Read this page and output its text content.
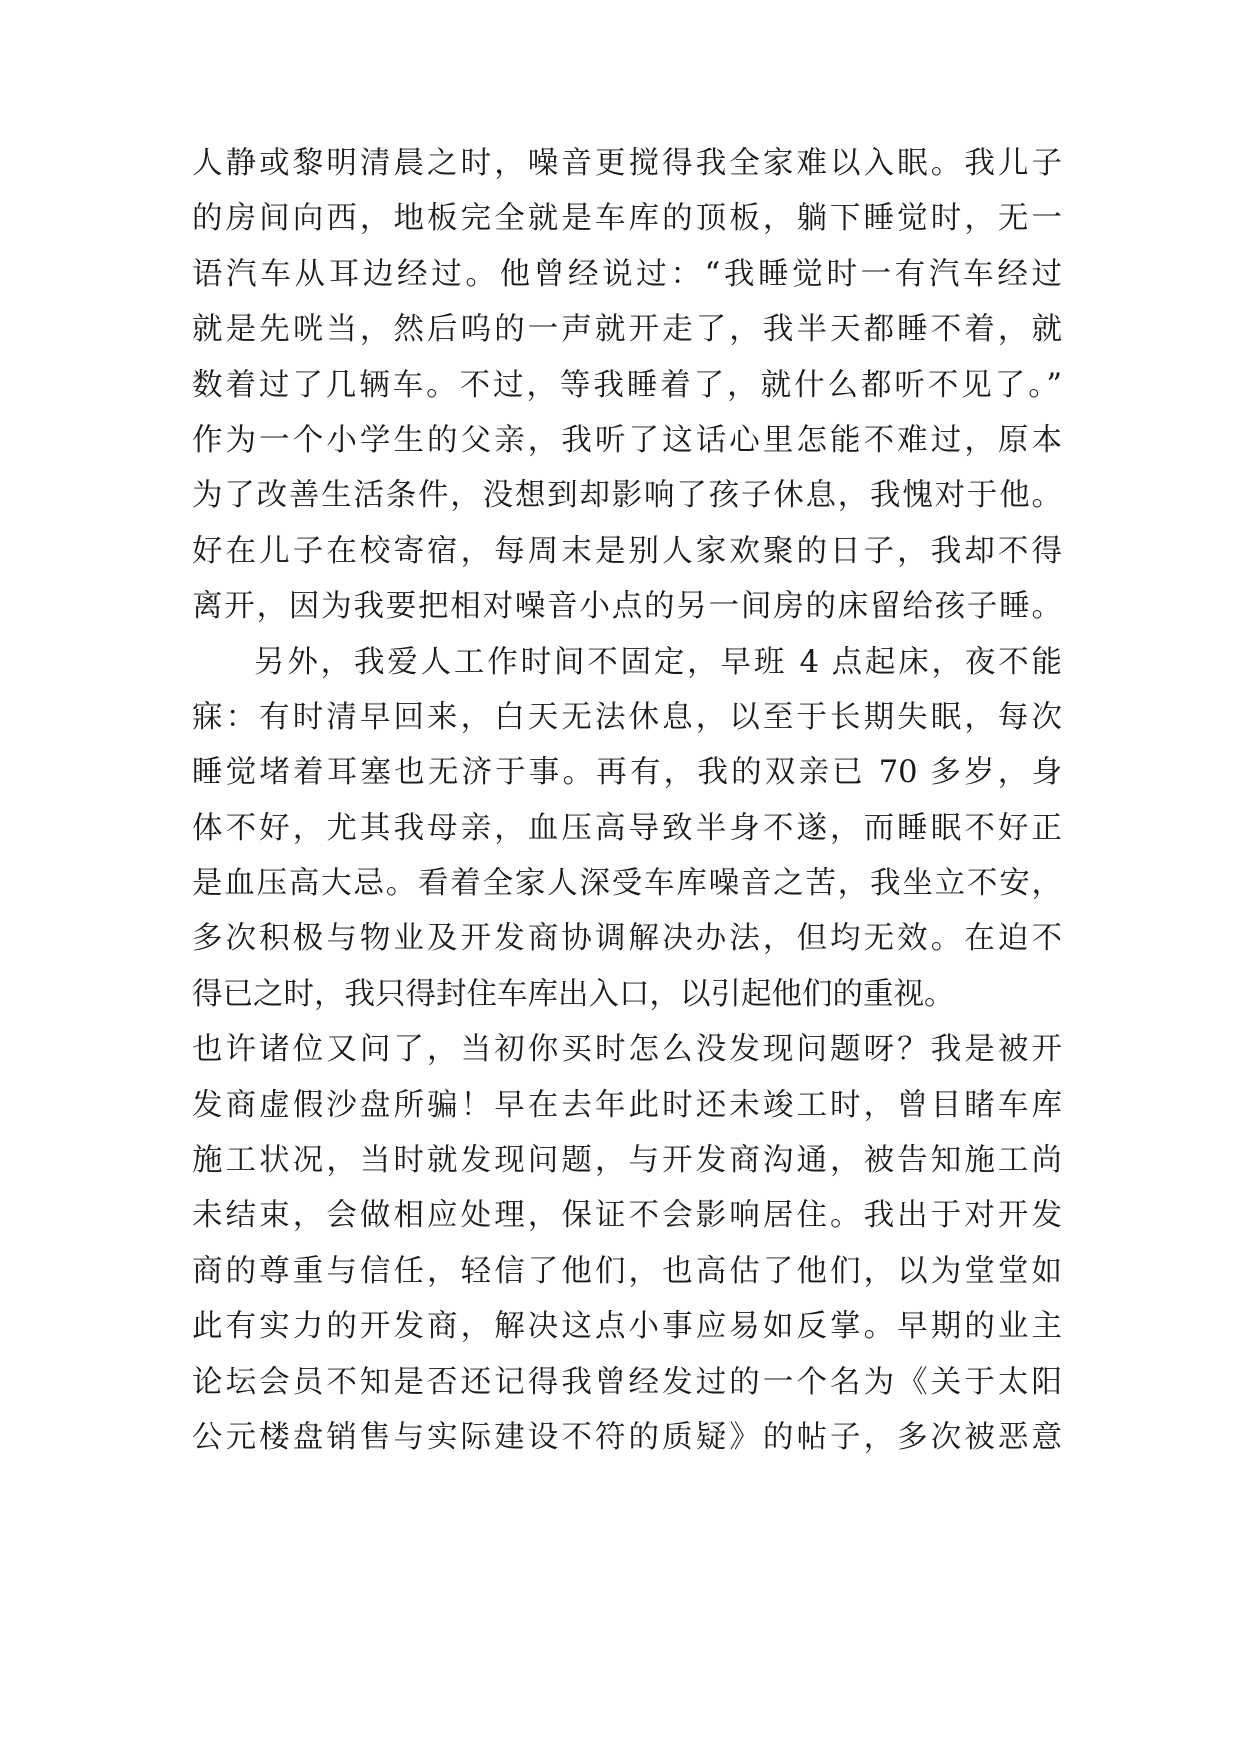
人静或黎明清晨之时，噪音更搅得我全家难以入眠。我儿子
的房间向西，地板完全就是车库的顶板，躺下睡觉时，无一
语汽车从耳边经过。他曾经说过：“我睡觉时一有汽车经过
就是先咣当，然后呜的一声就开走了，我半天都睡不着，就
数着过了几辆车。不过，等我睡着了，就什么都听不见了。”
作为一个小学生的父亲，我听了这话心里怎能不难过，原本
为了改善生活条件，没想到却影响了孩子休息，我愧对于他。
好在儿子在校寄宿，每周末是别人家欢聚的日子，我却不得
离开，因为我要把相对噪音小点的另一间房的床留给孩子睡。
另外，我爱人工作时间不固定，早班 4 点起床，夜不能
寐：有时清早回来，白天无法休息，以至于长期失眠，每次
睡觉堵着耳塞也无济于事。再有，我的双亲已 70 多岁，身
体不好，尤其我母亲，血压高导致半身不遂，而睡眠不好正
是血压高大忌。看着全家人深受车库噪音之苦，我坐立不安，
多次积极与物业及开发商协调解决办法，但均无效。在迫不
得已之时，我只得封住车库出入口，以引起他们的重视。
也许诸位又问了，当初你买时怎么没发现问题呀？我是被开
发商虚假沙盘所骗！早在去年此时还未竣工时，曾目睹车库
施工状况，当时就发现问题，与开发商沟通，被告知施工尚
未结束，会做相应处理，保证不会影响居住。我出于对开发
商的尊重与信任，轻信了他们，也高估了他们，以为堂堂如
此有实力的开发商，解决这点小事应易如反掌。早期的业主
论坛会员不知是否还记得我曾经发过的一个名为《关于太阳
公元楼盘销售与实际建设不符的质疑》的帖子，多次被恶意
